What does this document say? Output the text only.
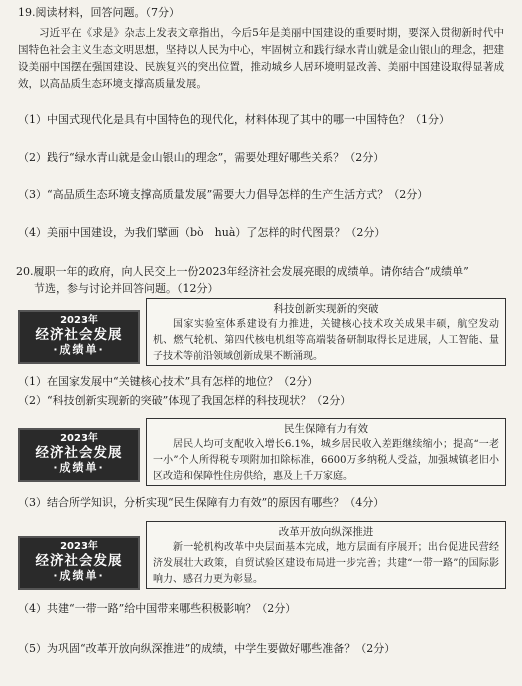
19.阅读材料，回答问题。（7分）
习近平在《求是》杂志上发表文章指出，今后5年是美丽中国建设的重要时期，要深入贯彻新时代中国特色社会主义生态文明思想，坚持以人民为中心，牢固树立和践行绿水青山就是金山银山的理念，把建设美丽中国摆在强国建设、民族复兴的突出位置，推动城乡人居环境明显改善、美丽中国建设取得显著成效，以高品质生态环境支撑高质量发展。
（1）中国式现代化是具有中国特色的现代化，材料体现了其中的哪一中国特色？（1分）
（2）践行“绿水青山就是金山银山的理念”，需要处理好哪些关系？（2分）
（3）“高品质生态环境支撑高质量发展”需要大力倡导怎样的生产生活方式？（2分）
（4）美丽中国建设，为我们擘画（bò　huà）了怎样的时代图景？（2分）
20.履职一年的政府，向人民交上一份2023年经济社会发展亮眼的成绩单。请你结合“成绩单”
节选，参与讨论并回答问题。（12分）
2023年
经济社会发展
·成绩单·
科技创新实现新的突破
国家实验室体系建设有力推进，关键核心技术攻关成果丰硕，航空发动机、燃气轮机、第四代核电机组等高端装备研制取得长足进展，人工智能、量子技术等前沿领域创新成果不断涌现。
（1）在国家发展中“关键核心技术”具有怎样的地位？（2分）
（2）“科技创新实现新的突破”体现了我国怎样的科技现状？（2分）
2023年
经济社会发展
·成绩单·
民生保障有力有效
居民人均可支配收入增长6.1%，城乡居民收入差距继续缩小；提高“一老一小”个人所得税专项附加扣除标准，6600万多纳税人受益，加强城镇老旧小区改造和保障性住房供给，惠及上千万家庭。
（3）结合所学知识，分析实现“民生保障有力有效”的原因有哪些？（4分）
2023年
经济社会发展
·成绩单·
改革开放向纵深推进
新一轮机构改革中央层面基本完成，地方层面有序展开；出台促进民营经济发展壮大政策，自贸试验区建设布局进一步完善；共建“一带一路”的国际影响力、感召力更为彰显。
（4）共建“一带一路”给中国带来哪些积极影响？（2分）
（5）为巩固“改革开放向纵深推进”的成绩，中学生要做好哪些准备？（2分）
